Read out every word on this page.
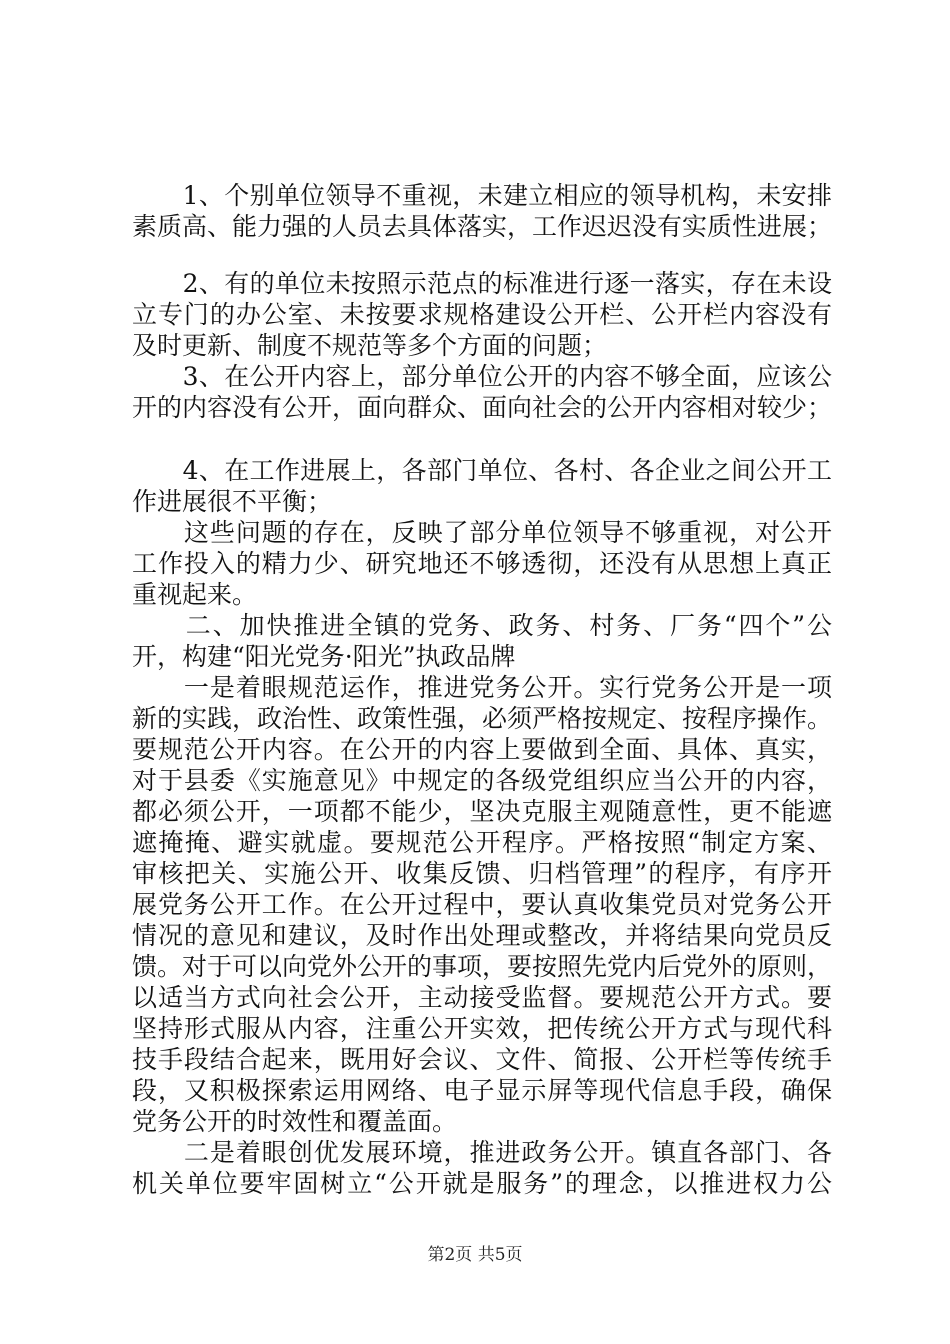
　　1、个别单位领导不重视，未建立相应的领导机构，未安排
素质高、能力强的人员去具体落实，工作迟迟没有实质性进展；
　　2、有的单位未按照示范点的标准进行逐一落实，存在未设
立专门的办公室、未按要求规格建设公开栏、公开栏内容没有
及时更新、制度不规范等多个方面的问题；
　　3、在公开内容上，部分单位公开的内容不够全面，应该公
开的内容没有公开，面向群众、面向社会的公开内容相对较少；
　　4、在工作进展上，各部门单位、各村、各企业之间公开工
作进展很不平衡；
　　这些问题的存在，反映了部分单位领导不够重视，对公开
工作投入的精力少、研究地还不够透彻，还没有从思想上真正
重视起来。
　　二、加快推进全镇的党务、政务、村务、厂务“四个”公
开，构建“阳光党务·阳光”执政品牌
　　一是着眼规范运作，推进党务公开。实行党务公开是一项
新的实践，政治性、政策性强，必须严格按规定、按程序操作。
要规范公开内容。在公开的内容上要做到全面、具体、真实，
对于县委《实施意见》中规定的各级党组织应当公开的内容，
都必须公开，一项都不能少，坚决克服主观随意性，更不能遮
遮掩掩、避实就虚。要规范公开程序。严格按照“制定方案、
审核把关、实施公开、收集反馈、归档管理”的程序，有序开
展党务公开工作。在公开过程中，要认真收集党员对党务公开
情况的意见和建议，及时作出处理或整改，并将结果向党员反
馈。对于可以向党外公开的事项，要按照先党内后党外的原则，
以适当方式向社会公开，主动接受监督。要规范公开方式。要
坚持形式服从内容，注重公开实效，把传统公开方式与现代科
技手段结合起来，既用好会议、文件、简报、公开栏等传统手
段，又积极探索运用网络、电子显示屏等现代信息手段，确保
党务公开的时效性和覆盖面。
　　二是着眼创优发展环境，推进政务公开。镇直各部门、各
机关单位要牢固树立“公开就是服务”的理念，以推进权力公
第2页 共5页
